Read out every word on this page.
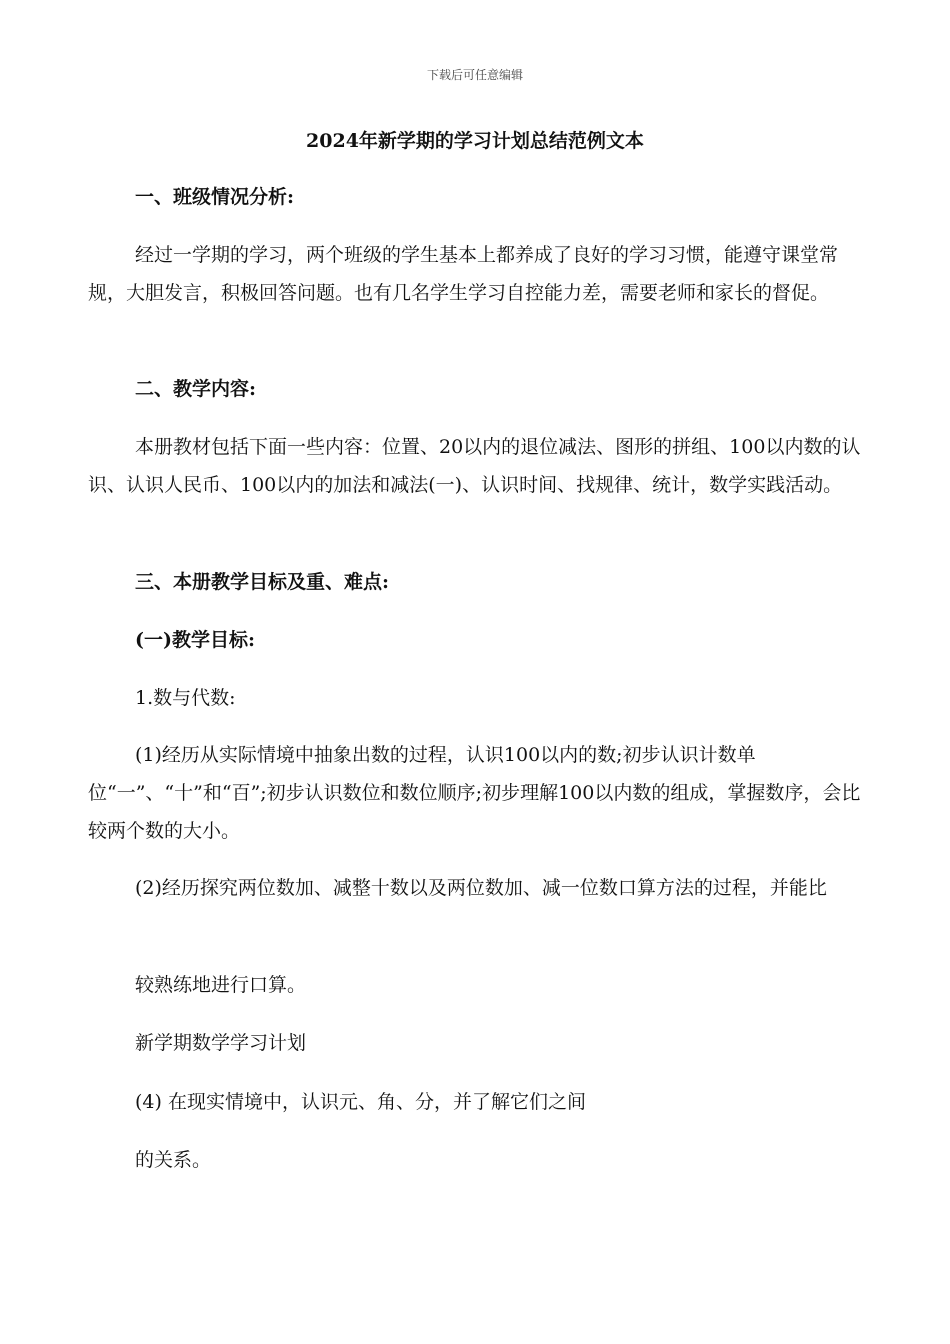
下载后可任意编辑
2024年新学期的学习计划总结范例文本
一、班级情况分析:
经过一学期的学习，两个班级的学生基本上都养成了良好的学习习惯，能遵守课堂常规，大胆发言，积极回答问题。也有几名学生学习自控能力差，需要老师和家长的督促。
二、教学内容:
本册教材包括下面一些内容：位置、20以内的退位减法、图形的拼组、100以内数的认识、认识人民币、100以内的加法和减法(一)、认识时间、找规律、统计，数学实践活动。
三、本册教学目标及重、难点:
(一)教学目标:
1.数与代数:
(1)经历从实际情境中抽象出数的过程，认识100以内的数;初步认识计数单位“一”、“十”和“百”;初步认识数位和数位顺序;初步理解100以内数的组成，掌握数序，会比较两个数的大小。
(2)经历探究两位数加、减整十数以及两位数加、减一位数口算方法的过程，并能比
较熟练地进行口算。
新学期数学学习计划
(4) 在现实情境中，认识元、角、分，并了解它们之间
的关系。
